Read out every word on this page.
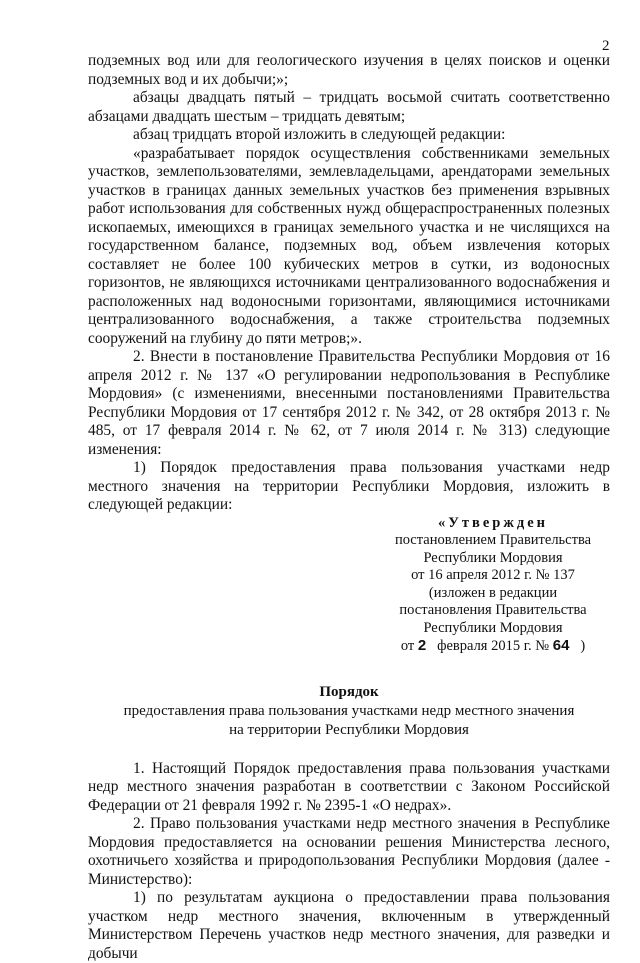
2

подземных вод или для геологического изучения в целях поисков и оценки подземных вод и их добычи;»;

абзацы двадцать пятый – тридцать восьмой считать соответственно абзацами двадцать шестым – тридцать девятым;

абзац тридцать второй изложить в следующей редакции:

«разрабатывает порядок осуществления собственниками земельных участков, землепользователями, землевладельцами, арендаторами земельных участков в границах данных земельных участков без применения взрывных работ использования для собственных нужд общераспространенных полезных ископаемых, имеющихся в границах земельного участка и не числящихся на государственном балансе, подземных вод, объем извлечения которых составляет не более 100 кубических метров в сутки, из водоносных горизонтов, не являющихся источниками централизованного водоснабжения и расположенных над водоносными горизонтами, являющимися источниками централизованного водоснабжения, а также строительства подземных сооружений на глубину до пяти метров;».

2. Внести в постановление Правительства Республики Мордовия от 16 апреля 2012 г. № 137 «О регулировании недропользования в Республике Мордовия» (с изменениями, внесенными постановлениями Правительства Республики Мордовия от 17 сентября 2012 г. № 342, от 28 октября 2013 г. № 485, от 17 февраля 2014 г. № 62, от 7 июля 2014 г. № 313) следующие изменения:

1) Порядок предоставления права пользования участками недр местного значения на территории Республики Мордовия, изложить в следующей редакции:

«Утвержден
постановлением Правительства
Республики Мордовия
от 16 апреля 2012 г. № 137
(изложен в редакции
постановления Правительства
Республики Мордовия
от 2 февраля 2015 г. № 64 )
Порядок
предоставления права пользования участками недр местного значения
на территории Республики Мордовия

1. Настоящий Порядок предоставления права пользования участками недр местного значения разработан в соответствии с Законом Российской Федерации от 21 февраля 1992 г. № 2395-1 «О недрах».

2. Право пользования участками недр местного значения в Республике Мордовия предоставляется на основании решения Министерства лесного, охотничьего хозяйства и природопользования Республики Мордовия (далее - Министерство):

1) по результатам аукциона о предоставлении права пользования участком недр местного значения, включенным в утвержденный Министерством Перечень участков недр местного значения, для разведки и добычи
